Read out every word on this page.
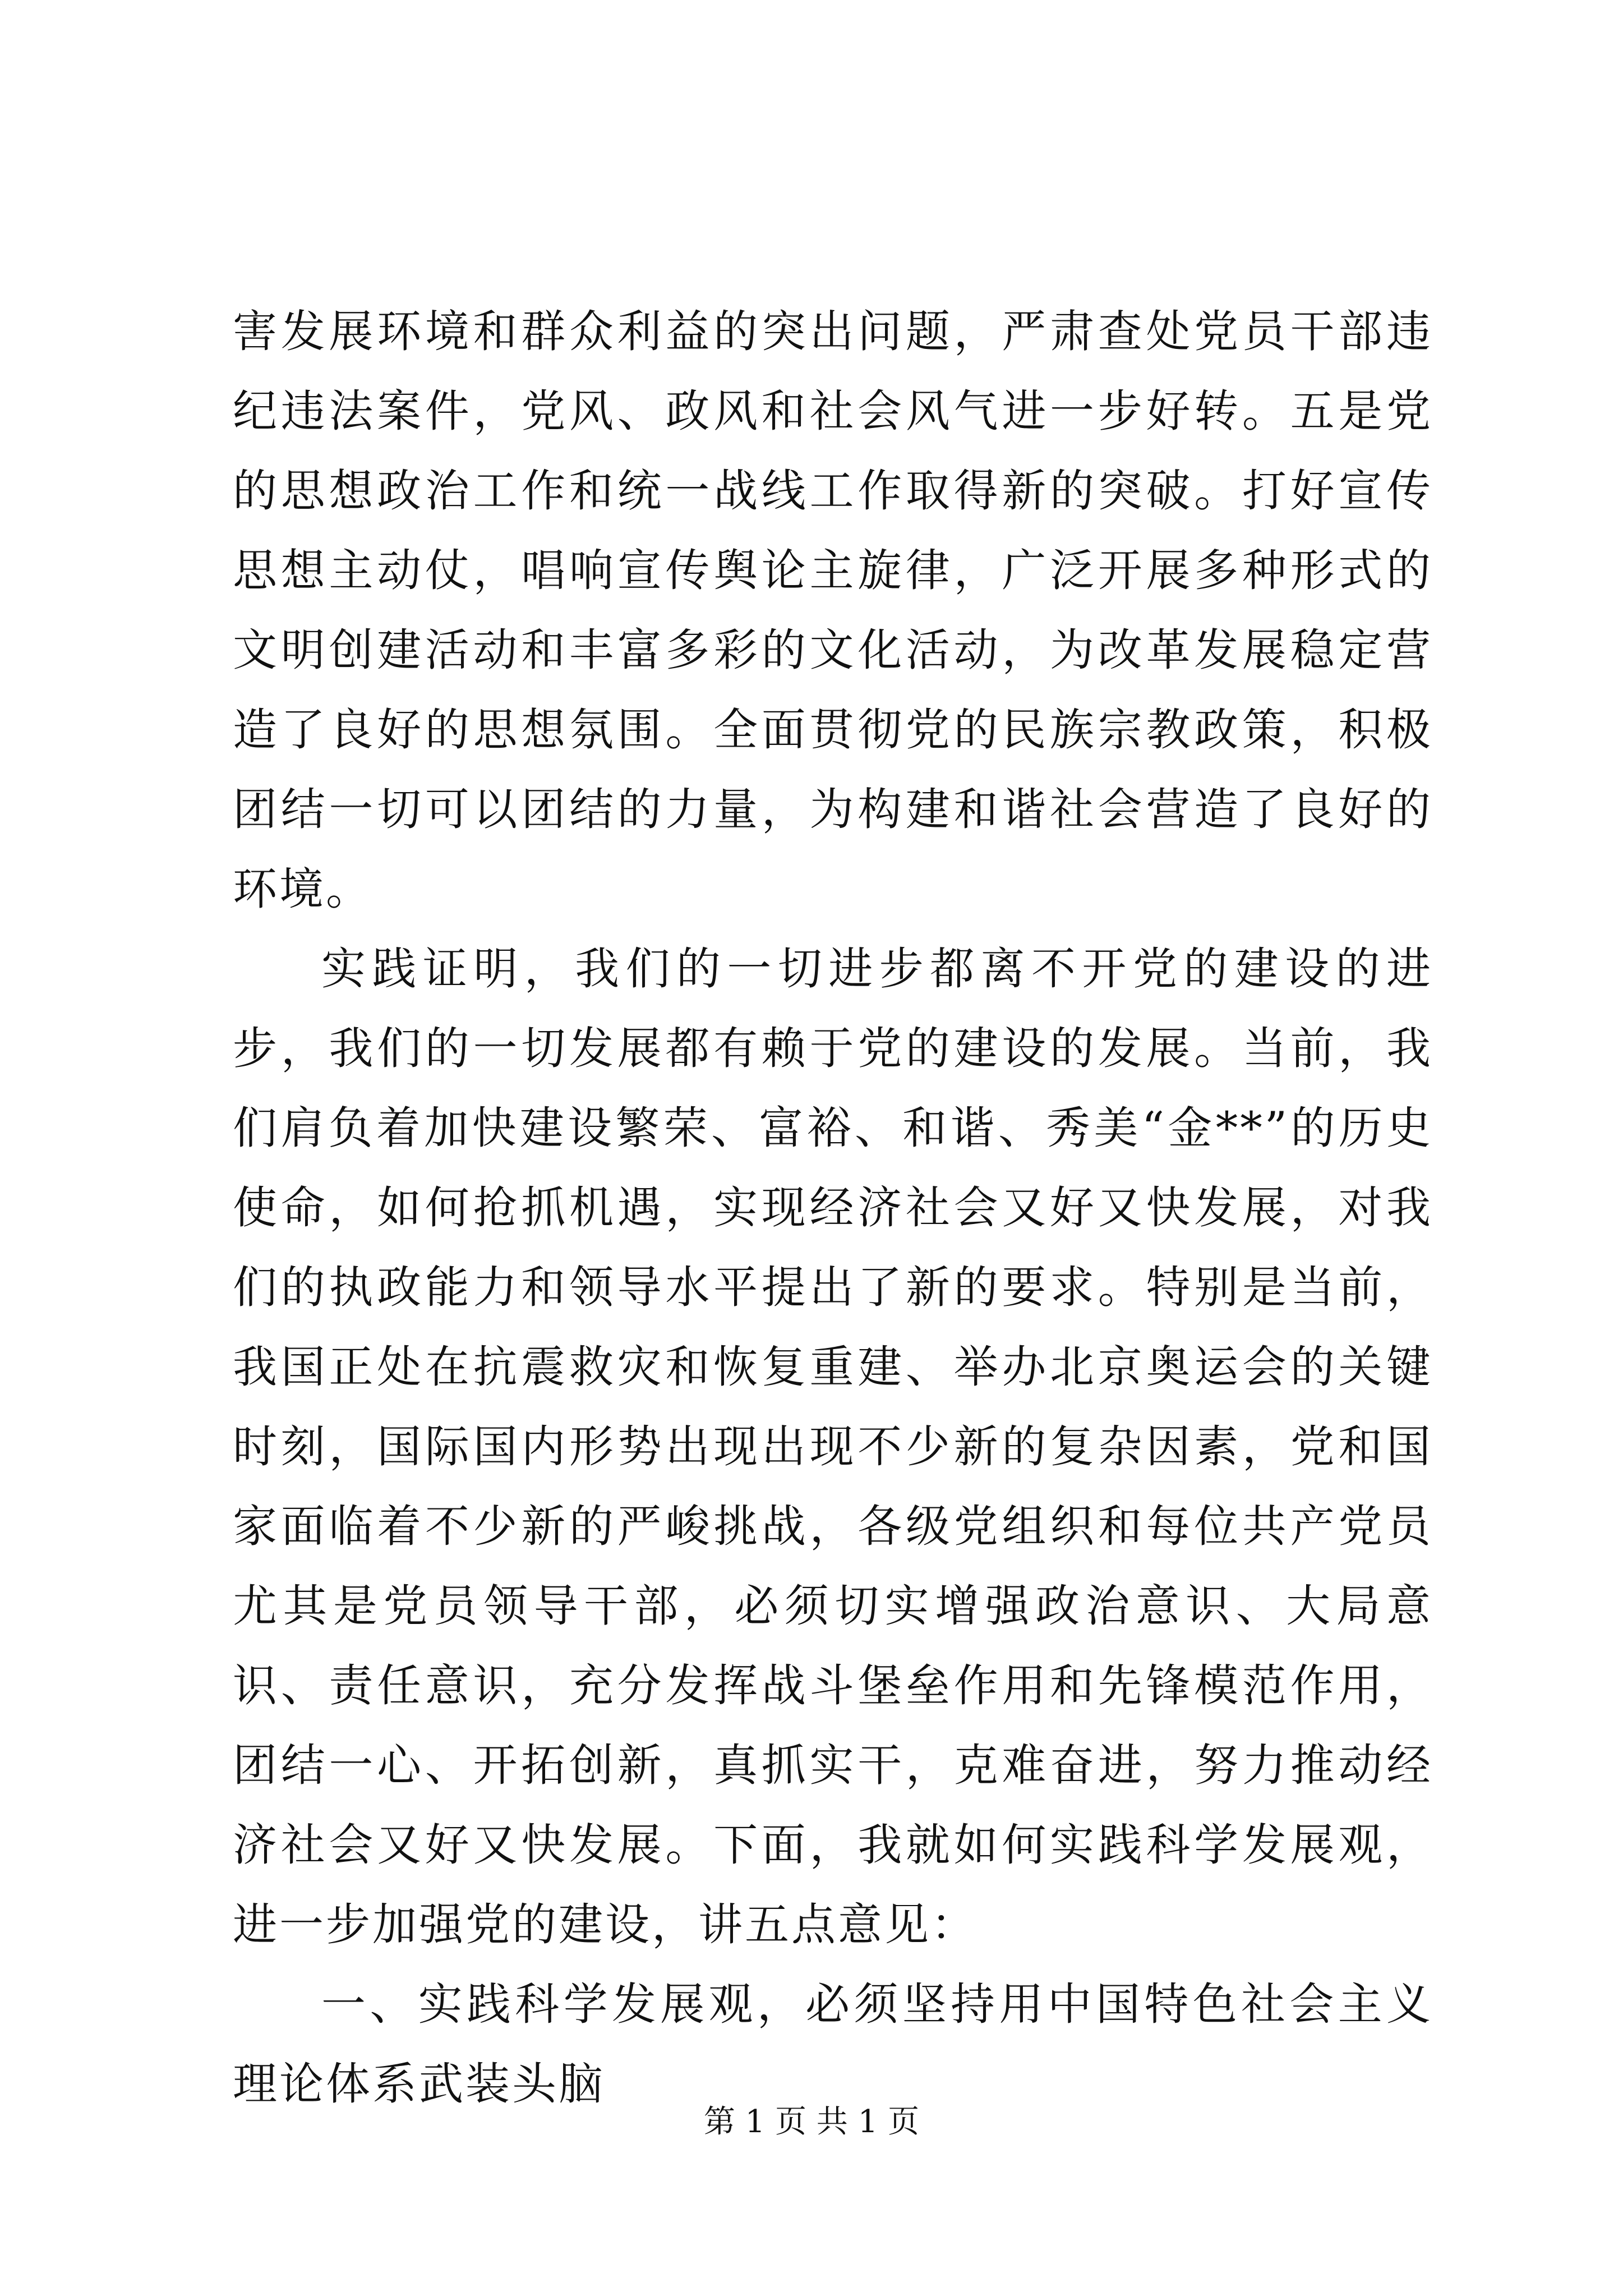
害发展环境和群众利益的突出问题，严肃查处党员干部违纪违法案件，党风、政风和社会风气进一步好转。五是党的思想政治工作和统一战线工作取得新的突破。打好宣传思想主动仗，唱响宣传舆论主旋律，广泛开展多种形式的文明创建活动和丰富多彩的文化活动，为改革发展稳定营造了良好的思想氛围。全面贯彻党的民族宗教政策，积极团结一切可以团结的力量，为构建和谐社会营造了良好的环境。

实践证明，我们的一切进步都离不开党的建设的进步，我们的一切发展都有赖于党的建设的发展。当前，我们肩负着加快建设繁荣、富裕、和谐、秀美“金**”的历史使命，如何抢抓机遇，实现经济社会又好又快发展，对我们的执政能力和领导水平提出了新的要求。特别是当前，我国正处在抗震救灾和恢复重建、举办北京奥运会的关键时刻，国际国内形势出现出现不少新的复杂因素，党和国家面临着不少新的严峻挑战，各级党组织和每位共产党员尤其是党员领导干部，必须切实增强政治意识、大局意识、责任意识，充分发挥战斗堡垒作用和先锋模范作用，团结一心、开拓创新，真抓实干，克难奋进，努力推动经济社会又好又快发展。下面，我就如何实践科学发展观，进一步加强党的建设，讲五点意见：

一、实践科学发展观，必须坚持用中国特色社会主义理论体系武装头脑

第 1 页 共 1 页
